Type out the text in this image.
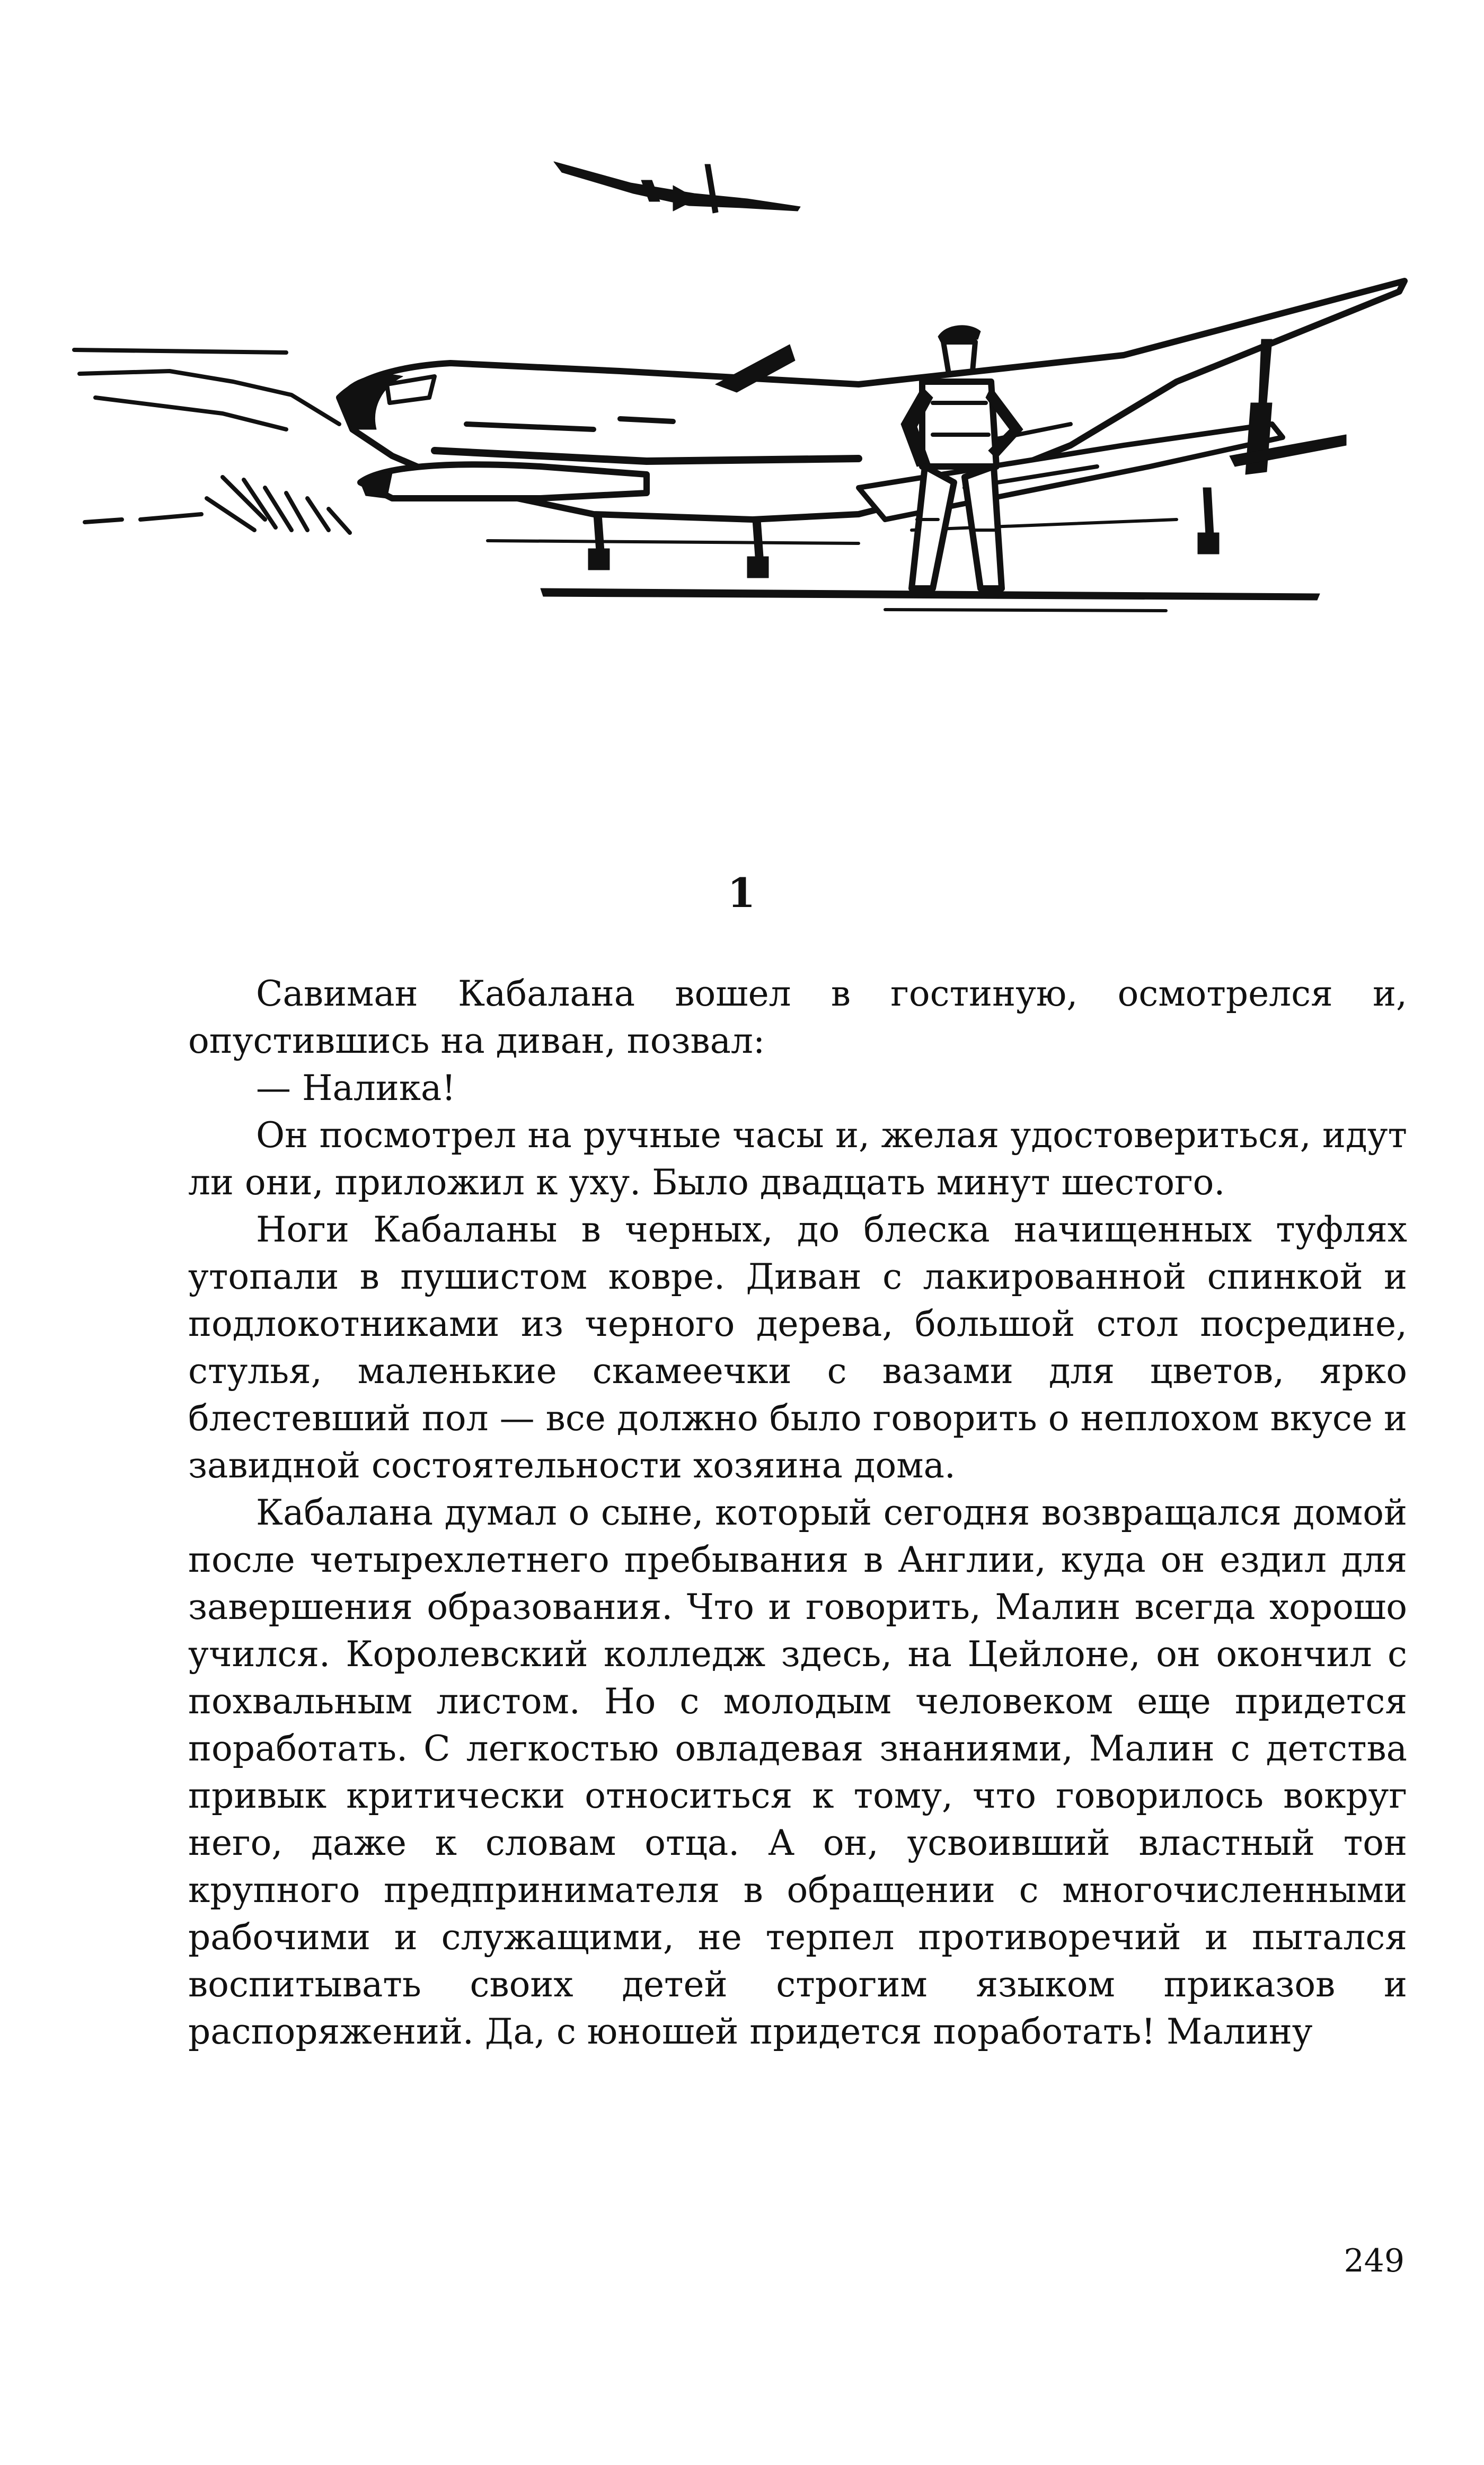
1

Савиман Кабалана вошел в гостиную, осмотрелся и, опустившись на диван, позвал:

— Налика!

Он посмотрел на ручные часы и, желая удостовериться, идут ли они, приложил к уху. Было двадцать минут шестого.

Ноги Кабаланы в черных, до блеска начищенных туфлях утопали в пушистом ковре. Диван с лакированной спинкой и подлокотниками из черного дерева, большой стол посредине, стулья, маленькие скамеечки с вазами для цветов, ярко блестевший пол — все должно было говорить о неплохом вкусе и завидной состоятельности хозяина дома.

Кабалана думал о сыне, который сегодня возвращался домой после четырехлетнего пребывания в Англии, куда он ездил для завершения образования. Что и говорить, Малин всегда хорошо учился. Королевский колледж здесь, на Цейлоне, он окончил с похвальным листом. Но с молодым человеком еще придется поработать. С легкостью овладевая знаниями, Малин с детства привык критически относиться к тому, что говорилось вокруг него, даже к словам отца. А он, усвоивший властный тон крупного предпринимателя в обращении с многочисленными рабочими и служащими, не терпел противоречий и пытался воспитывать своих детей строгим языком приказов и распоряжений. Да, с юношей придется поработать! Малину

249
